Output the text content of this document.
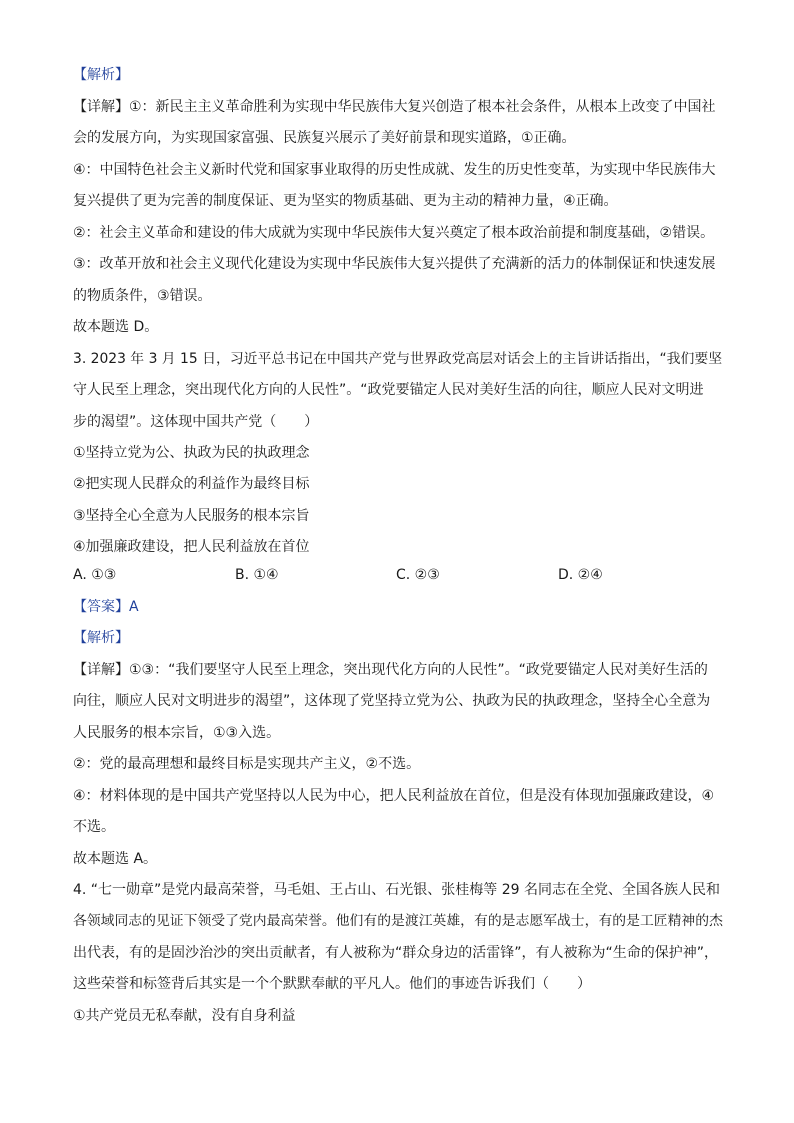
【解析】
【详解】①：新民主主义革命胜利为实现中华民族伟大复兴创造了根本社会条件，从根本上改变了中国社
会的发展方向，为实现国家富强、民族复兴展示了美好前景和现实道路，①正确。
④：中国特色社会主义新时代党和国家事业取得的历史性成就、发生的历史性变革，为实现中华民族伟大
复兴提供了更为完善的制度保证、更为坚实的物质基础、更为主动的精神力量，④正确。
②：社会主义革命和建设的伟大成就为实现中华民族伟大复兴奠定了根本政治前提和制度基础，②错误。
③：改革开放和社会主义现代化建设为实现中华民族伟大复兴提供了充满新的活力的体制保证和快速发展
的物质条件，③错误。
故本题选 D。
3. 2023 年 3 月 15 日，习近平总书记在中国共产党与世界政党高层对话会上的主旨讲话指出，“我们要坚
守人民至上理念，突出现代化方向的人民性”。“政党要锚定人民对美好生活的向往，顺应人民对文明进
步的渴望”。这体现中国共产党（　　）
①坚持立党为公、执政为民的执政理念
②把实现人民群众的利益作为最终目标
③坚持全心全意为人民服务的根本宗旨
④加强廉政建设，把人民利益放在首位
A. ①③	B. ①④	C. ②③	D. ②④
【答案】A
【解析】
【详解】①③：“我们要坚守人民至上理念，突出现代化方向的人民性”。“政党要锚定人民对美好生活的
向往，顺应人民对文明进步的渴望”，这体现了党坚持立党为公、执政为民的执政理念，坚持全心全意为
人民服务的根本宗旨，①③入选。
②：党的最高理想和最终目标是实现共产主义，②不选。
④：材料体现的是中国共产党坚持以人民为中心，把人民利益放在首位，但是没有体现加强廉政建设，④
不选。
故本题选 A。
4. “七一勋章”是党内最高荣誉，马毛姐、王占山、石光银、张桂梅等 29 名同志在全党、全国各族人民和
各领域同志的见证下领受了党内最高荣誉。他们有的是渡江英雄，有的是志愿军战士，有的是工匠精神的杰
出代表，有的是固沙治沙的突出贡献者，有人被称为“群众身边的活雷锋”，有人被称为“生命的保护神”，
这些荣誉和标签背后其实是一个个默默奉献的平凡人。他们的事迹告诉我们（　　）
①共产党员无私奉献，没有自身利益
